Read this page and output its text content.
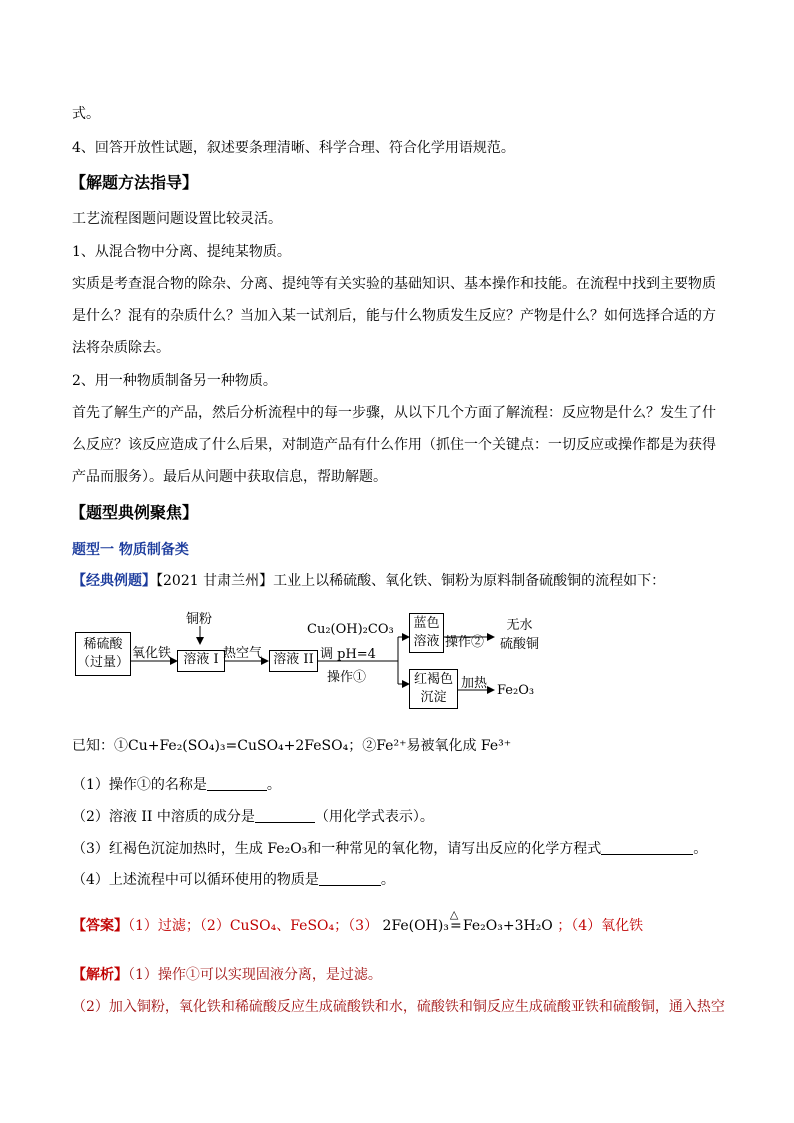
式。
4、回答开放性试题，叙述要条理清晰、科学合理、符合化学用语规范。
【解题方法指导】
工艺流程图题问题设置比较灵活。
1、从混合物中分离、提纯某物质。
实质是考查混合物的除杂、分离、提纯等有关实验的基础知识、基本操作和技能。在流程中找到主要物质
是什么？混有的杂质什么？当加入某一试剂后，能与什么物质发生反应？产物是什么？如何选择合适的方
法将杂质除去。
2、用一种物质制备另一种物质。
首先了解生产的产品，然后分析流程中的每一步骤，从以下几个方面了解流程：反应物是什么？发生了什
么反应？该反应造成了什么后果，对制造产品有什么作用（抓住一个关键点：一切反应或操作都是为获得
产品而服务）。最后从问题中获取信息，帮助解题。
【题型典例聚焦】
题型一 物质制备类
【经典例题】【2021 甘肃兰州】工业上以稀硫酸、氧化铁、铜粉为原料制备硫酸铜的流程如下：
稀硫酸
（过量）
氧化铁
铜粉
溶液 I 热空气 溶液 II
Cu₂(OH)₂CO₃
调 pH=4
操作①
蓝色
溶液 操作②
无水
硫酸铜
红褐色
沉淀
加热 Fe₂O₃
已知：①Cu+Fe₂(SO₄)₃=CuSO₄+2FeSO₄；②Fe²⁺易被氧化成 Fe³⁺
（1）操作①的名称是	。
（2）溶液 II 中溶质的成分是	（用化学式表示）。
（3）红褐色沉淀加热时，生成 Fe₂O₃和一种常见的氧化物，请写出反应的化学方程式	。
（4）上述流程中可以循环使用的物质是	。
【答案】（1）过滤；（2）CuSO₄、FeSO₄；（3） 2Fe(OH)₃
△
=Fe₂O₃+3H₂O ；（4）氧化铁
【解析】（1）操作①可以实现固液分离，是过滤。
（2）加入铜粉，氧化铁和稀硫酸反应生成硫酸铁和水，硫酸铁和铜反应生成硫酸亚铁和硫酸铜，通入热空
